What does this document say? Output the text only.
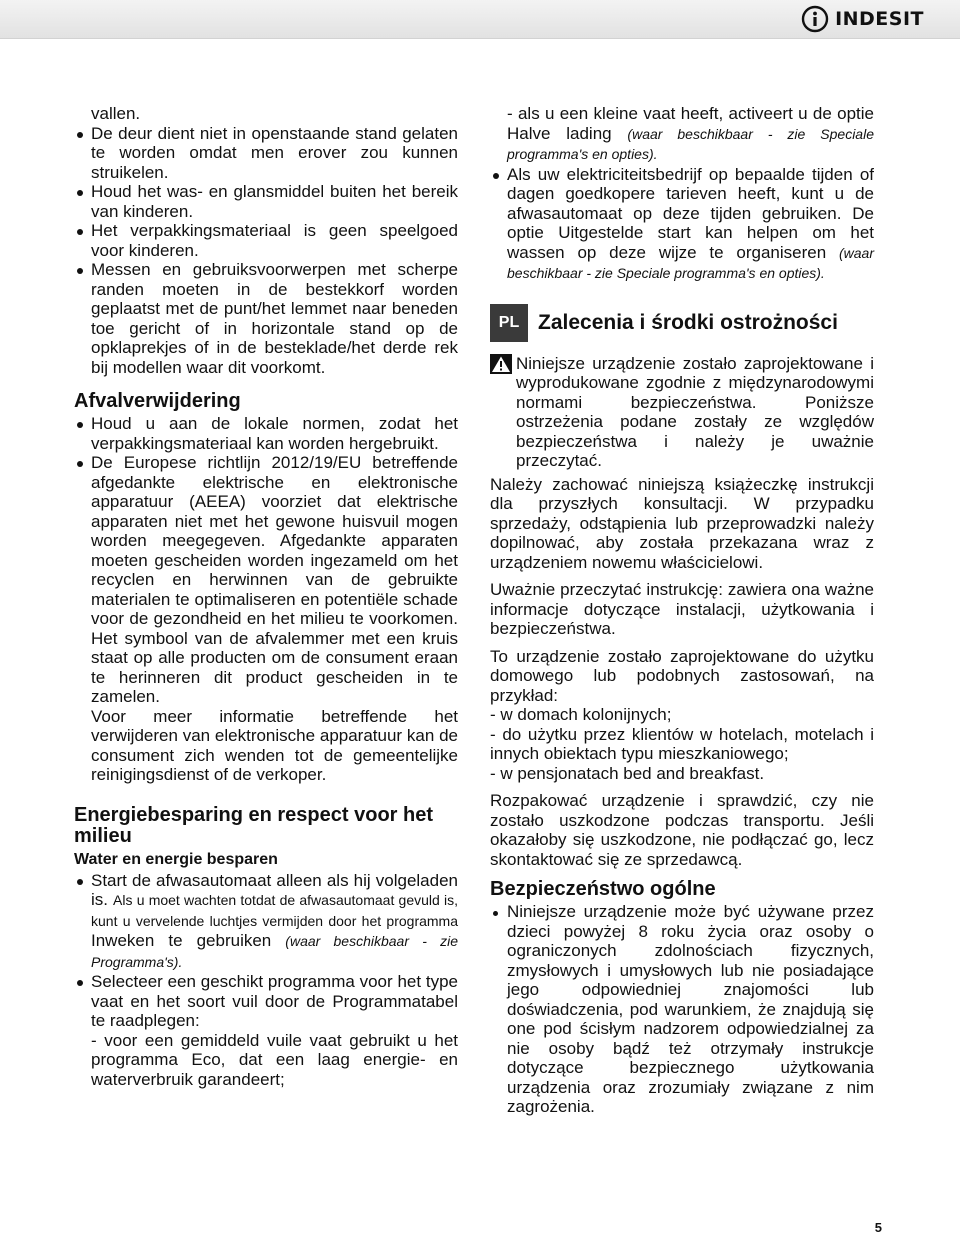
INDESIT

vallen.

De deur dient niet in openstaande stand gelaten te worden omdat men erover zou kunnen struikelen.
Houd het was- en glansmiddel buiten het bereik van kinderen.
Het verpakkingsmateriaal is geen speelgoed voor kinderen.
Messen en gebruiksvoorwerpen met scherpe randen moeten in de bestekkorf worden geplaatst met de punt/het lemmet naar beneden toe gericht of in horizontale stand op de opklaprekjes of in de besteklade/het derde rek bij modellen waar dit voorkomt.
Afvalverwijdering
Houd u aan de lokale normen, zodat het verpakkingsmateriaal kan worden hergebruikt.
De Europese richtlijn 2012/19/EU betreffende afgedankte elektrische en elektronische apparatuur (AEEA) voorziet dat elektrische apparaten niet met het gewone huisvuil mogen worden meegegeven. Afgedankte apparaten moeten gescheiden worden ingezameld om het recyclen en herwinnen van de gebruikte materialen te optimaliseren en potentiële schade voor de gezondheid en het milieu te voorkomen. Het symbool van de afvalemmer met een kruis staat op alle producten om de consument eraan te herinneren dit product gescheiden in te zamelen.

Voor meer informatie betreffende het verwijderen van elektronische apparatuur kan de consument zich wenden tot de gemeentelijke reinigingsdienst of de verkoper.

Energiebesparing en respect voor het milieu
Water en energie besparen
Start de afwasautomaat alleen als hij volgeladen is. Als u moet wachten totdat de afwasautomaat gevuld is, kunt u vervelende luchtjes vermijden door het programma Inweken te gebruiken (waar beschikbaar - zie Programma's).
Selecteer een geschikt programma voor het type vaat en het soort vuil door de Programmatabel te raadplegen:

- voor een gemiddeld vuile vaat gebruikt u het programma Eco, dat een laag energie- en waterverbruik garandeert;

- als u een kleine vaat heeft, activeert u de optie Halve lading (waar beschikbaar - zie Speciale programma's en opties).

Als uw elektriciteitsbedrijf op bepaalde tijden of dagen goedkopere tarieven heeft, kunt u de afwasautomaat op deze tijden gebruiken. De optie Uitgestelde start kan helpen om het wassen op deze wijze te organiseren (waar beschikbaar - zie Speciale programma's en opties).
PL Zalecenia i środki ostrożności

Niniejsze urządzenie zostało zaprojektowane i wyprodukowane zgodnie z międzynarodowymi normami bezpieczeństwa. Poniższe ostrzeżenia podane zostały ze względów bezpieczeństwa i należy je uważnie przeczytać.

Należy zachować niniejszą książeczkę instrukcji dla przyszłych konsultacji. W przypadku sprzedaży, odstąpienia lub przeprowadzki należy dopilnować, aby została przekazana wraz z urządzeniem nowemu właścicielowi.

Uważnie przeczytać instrukcję: zawiera ona ważne informacje dotyczące instalacji, użytkowania i bezpieczeństwa.

To urządzenie zostało zaprojektowane do użytku domowego lub podobnych zastosowań, na przykład:

- w domach kolonijnych;

- do użytku przez klientów w hotelach, motelach i innych obiektach typu mieszkaniowego;

- w pensjonatach bed and breakfast.

Rozpakować urządzenie i sprawdzić, czy nie zostało uszkodzone podczas transportu. Jeśli okazałoby się uszkodzone, nie podłączać go, lecz skontaktować się ze sprzedawcą.

Bezpieczeństwo ogólne
Niniejsze urządzenie może być używane przez dzieci powyżej 8 roku życia oraz osoby o ograniczonych zdolnościach fizycznych, zmysłowych i umysłowych lub nie posiadające jego odpowiedniej znajomości lub doświadczenia, pod warunkiem, że znajdują się one pod ścisłym nadzorem odpowiedzialnej za nie osoby bądź też otrzymały instrukcje dotyczące bezpiecznego użytkowania urządzenia oraz zrozumiały związane z nim zagrożenia.
5
